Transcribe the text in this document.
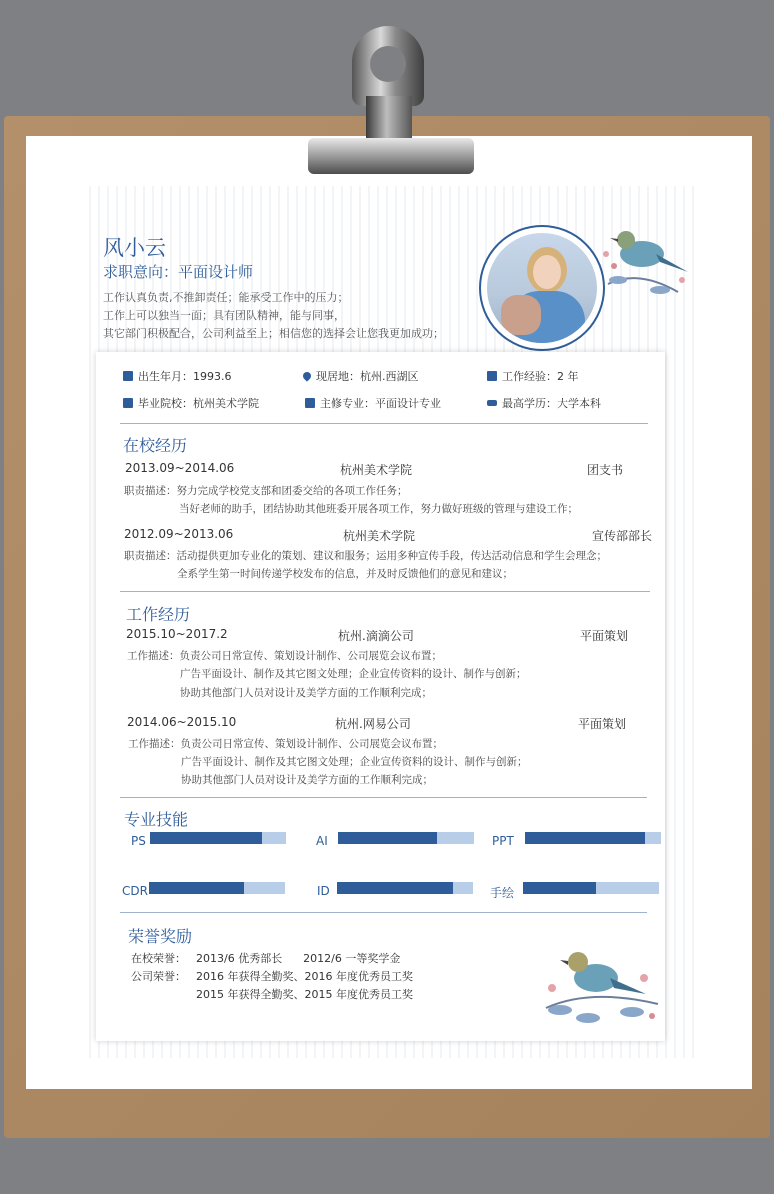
风小云
求职意向：平面设计师
工作认真负责,不推卸责任；能承受工作中的压力；
工作上可以独当一面；具有团队精神，能与同事，
其它部门积极配合，公司利益至上；相信您的选择会让您我更加成功；
出生年月：1993.6	现居地：杭州.西湖区	工作经验：2 年
毕业院校：杭州美术学院	主修专业：平面设计专业	最高学历：大学本科
在校经历
2013.09~2014.06	杭州美术学院	团支书
职责描述：努力完成学校党支部和团委交给的各项工作任务；
当好老师的助手，团结协助其他班委开展各项工作，努力做好班级的管理与建设工作；
2012.09~2013.06	杭州美术学院	宣传部部长
职责描述：活动提供更加专业化的策划、建议和服务；运用多种宣传手段，传达活动信息和学生会理念；
全系学生第一时间传递学校发布的信息，并及时反馈他们的意见和建议；
工作经历
2015.10~2017.2	杭州.滴滴公司	平面策划
工作描述：负责公司日常宣传、策划设计制作、公司展览会议布置；
广告平面设计、制作及其它图文处理；企业宣传资料的设计、制作与创新；
协助其他部门人员对设计及美学方面的工作顺利完成；
2014.06~2015.10	杭州.网易公司	平面策划
工作描述：负责公司日常宣传、策划设计制作、公司展览会议布置；
广告平面设计、制作及其它图文处理；企业宣传资料的设计、制作与创新；
协助其他部门人员对设计及美学方面的工作顺利完成；
专业技能
PS	AI	PPT
CDR	ID	手绘
荣誉奖励
在校荣誉： 2013/6 优秀部长      2012/6 一等奖学金
公司荣誉： 2016 年获得全勤奖、2016 年度优秀员工奖
2015 年获得全勤奖、2015 年度优秀员工奖
